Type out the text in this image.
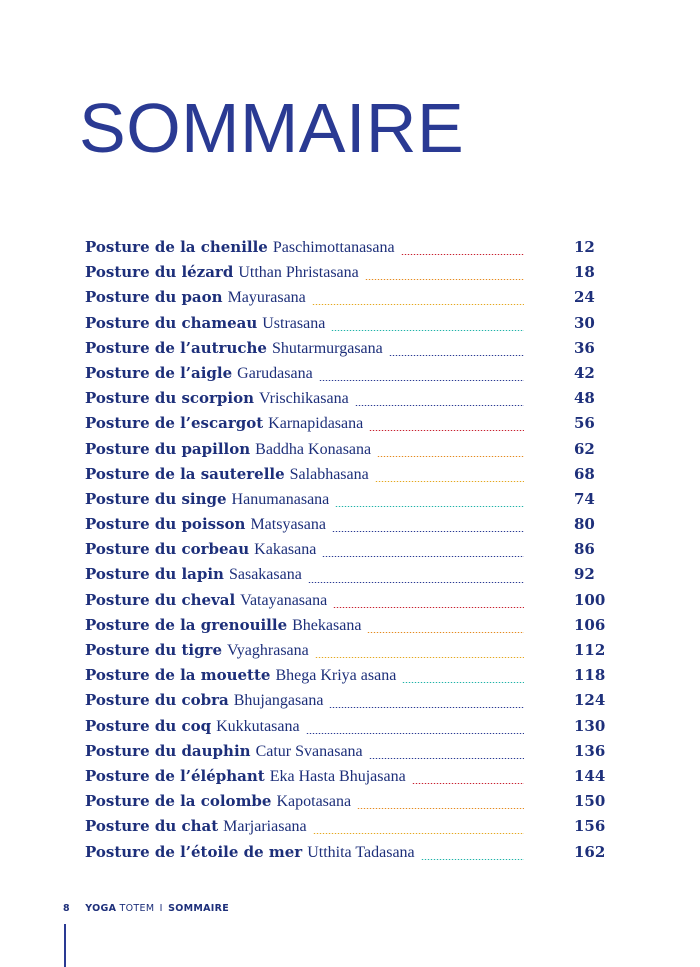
SOMMAIRE
Posture de la chenille Paschimottanasana	12
Posture du lézard Utthan Phristasana	18
Posture du paon Mayurasana	24
Posture du chameau Ustrasana	30
Posture de l’autruche Shutarmurgasana	36
Posture de l’aigle Garudasana	42
Posture du scorpion Vrischikasana	48
Posture de l’escargot Karnapidasana	56
Posture du papillon Baddha Konasana	62
Posture de la sauterelle Salabhasana	68
Posture du singe Hanumanasana	74
Posture du poisson Matsyasana	80
Posture du corbeau Kakasana	86
Posture du lapin Sasakasana	92
Posture du cheval Vatayanasana	100
Posture de la grenouille Bhekasana	106
Posture du tigre Vyaghrasana	112
Posture de la mouette Bhega Kriya asana	118
Posture du cobra Bhujangasana	124
Posture du coq Kukkutasana	130
Posture du dauphin Catur Svanasana	136
Posture de l’éléphant Eka Hasta Bhujasana	144
Posture de la colombe Kapotasana	150
Posture du chat Marjariasana	156
Posture de l’étoile de mer Utthita Tadasana	162
8 YOGA TOTEM I SOMMAIRE
